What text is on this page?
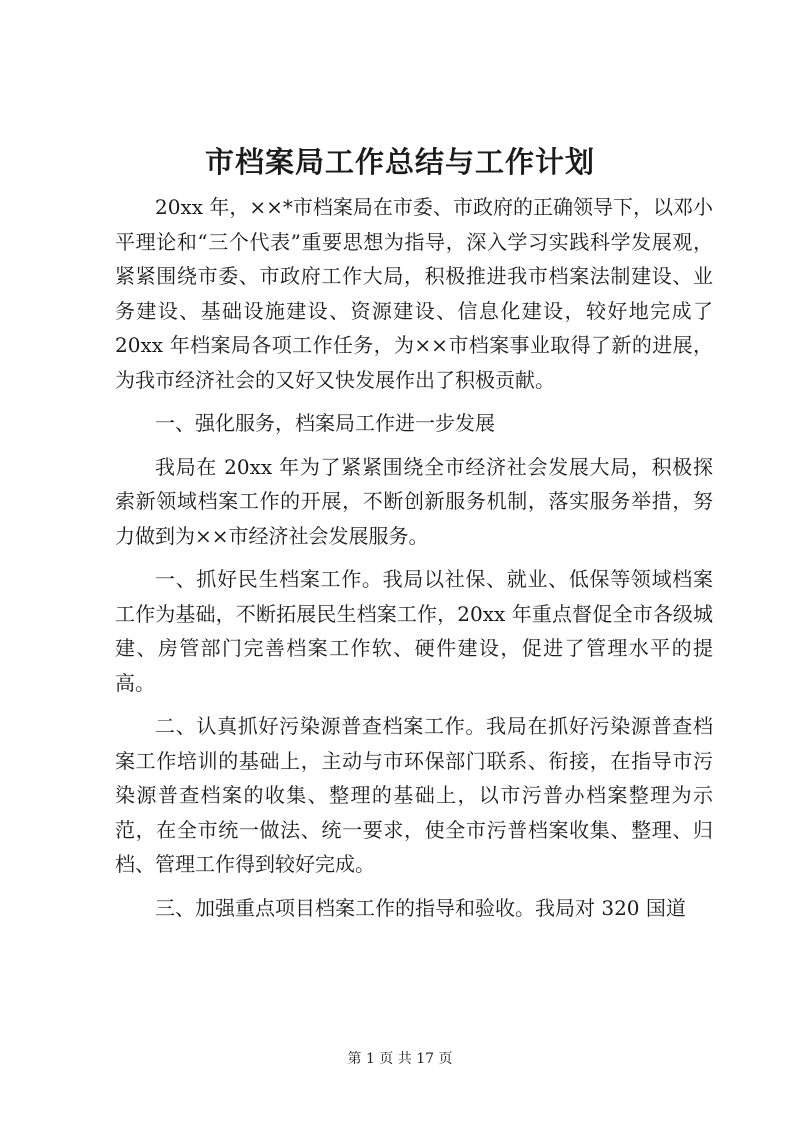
市档案局工作总结与工作计划

20xx 年，××*市档案局在市委、市政府的正确领导下，以邓小平理论和“三个代表”重要思想为指导，深入学习实践科学发展观，紧紧围绕市委、市政府工作大局，积极推进我市档案法制建设、业务建设、基础设施建设、资源建设、信息化建设，较好地完成了 20xx 年档案局各项工作任务，为××市档案事业取得了新的进展，为我市经济社会的又好又快发展作出了积极贡献。

一、强化服务，档案局工作进一步发展

我局在 20xx 年为了紧紧围绕全市经济社会发展大局，积极探索新领域档案工作的开展，不断创新服务机制，落实服务举措，努力做到为××市经济社会发展服务。

一、抓好民生档案工作。我局以社保、就业、低保等领域档案工作为基础，不断拓展民生档案工作，20xx 年重点督促全市各级城建、房管部门完善档案工作软、硬件建设，促进了管理水平的提高。

二、认真抓好污染源普查档案工作。我局在抓好污染源普查档案工作培训的基础上，主动与市环保部门联系、衔接，在指导市污染源普查档案的收集、整理的基础上，以市污普办档案整理为示范，在全市统一做法、统一要求，使全市污普档案收集、整理、归档、管理工作得到较好完成。

三、加强重点项目档案工作的指导和验收。我局对 320 国道

第 1 页 共 17 页
